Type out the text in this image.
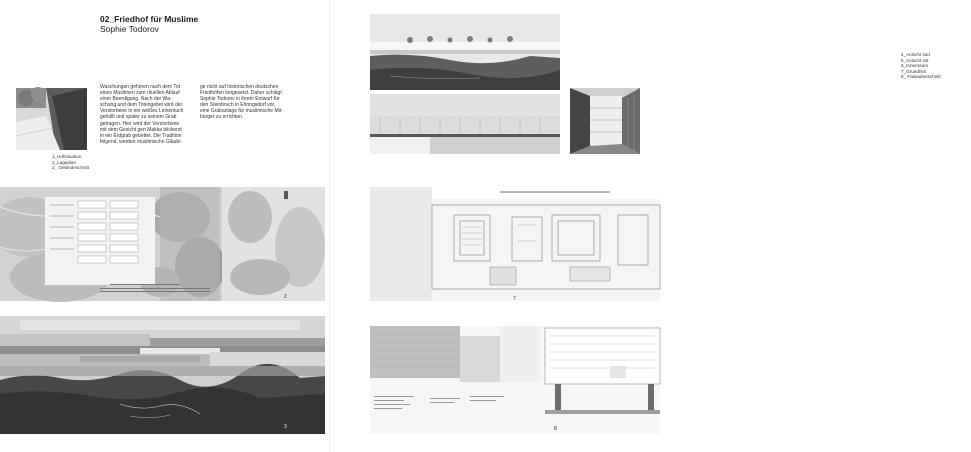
02_Friedhof für Muslime
Sophie Todorov
Waschungen gehören nach dem Tot
eines Muslimen zum rituellen Ablauf
einer Beerdigung. Nach der Wa-
schung und dem Totengebet wird der
Verstorbene in ein weißes Leinentuch
gehüllt und später zu seinem Grab
getragen. Hier wird der Verstorbene
mit dem Gesicht gen Makka blickend
in ein Erdgrab gebettet. Die Tradition
folgend, werden muslimische Gläubi-
ge nicht auf historischen deutschen
Friedhöfen beigesetzt. Daher schlägt
Sophie Todorov in ihrem Entwurf für
den Steinbruch in Ehringsdorf vor,
eine Grabanlage für muslimische Mit-
bürger zu errichten.
1_Hofsituation
2_Lageplan
3_ Geländeschnitt
2
3
4_Ansicht süd
5_Ansicht ost
6_Innenraum
7_Grundriss
8_ Fassadenschnitt
7
8
